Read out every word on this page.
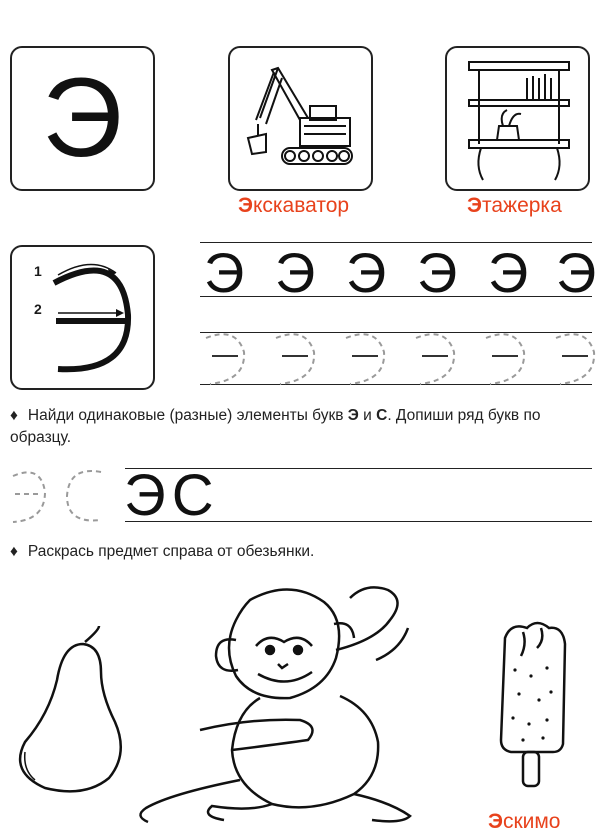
Э
Экскаватор	Этажерка
1
2
Э Э Э Э Э Э
♦ Найди одинаковые (разные) элементы букв Э и С. Допиши ряд букв по образцу.
ЭС
♦ Раскрась предмет справа от обезьянки.
Эскимо
